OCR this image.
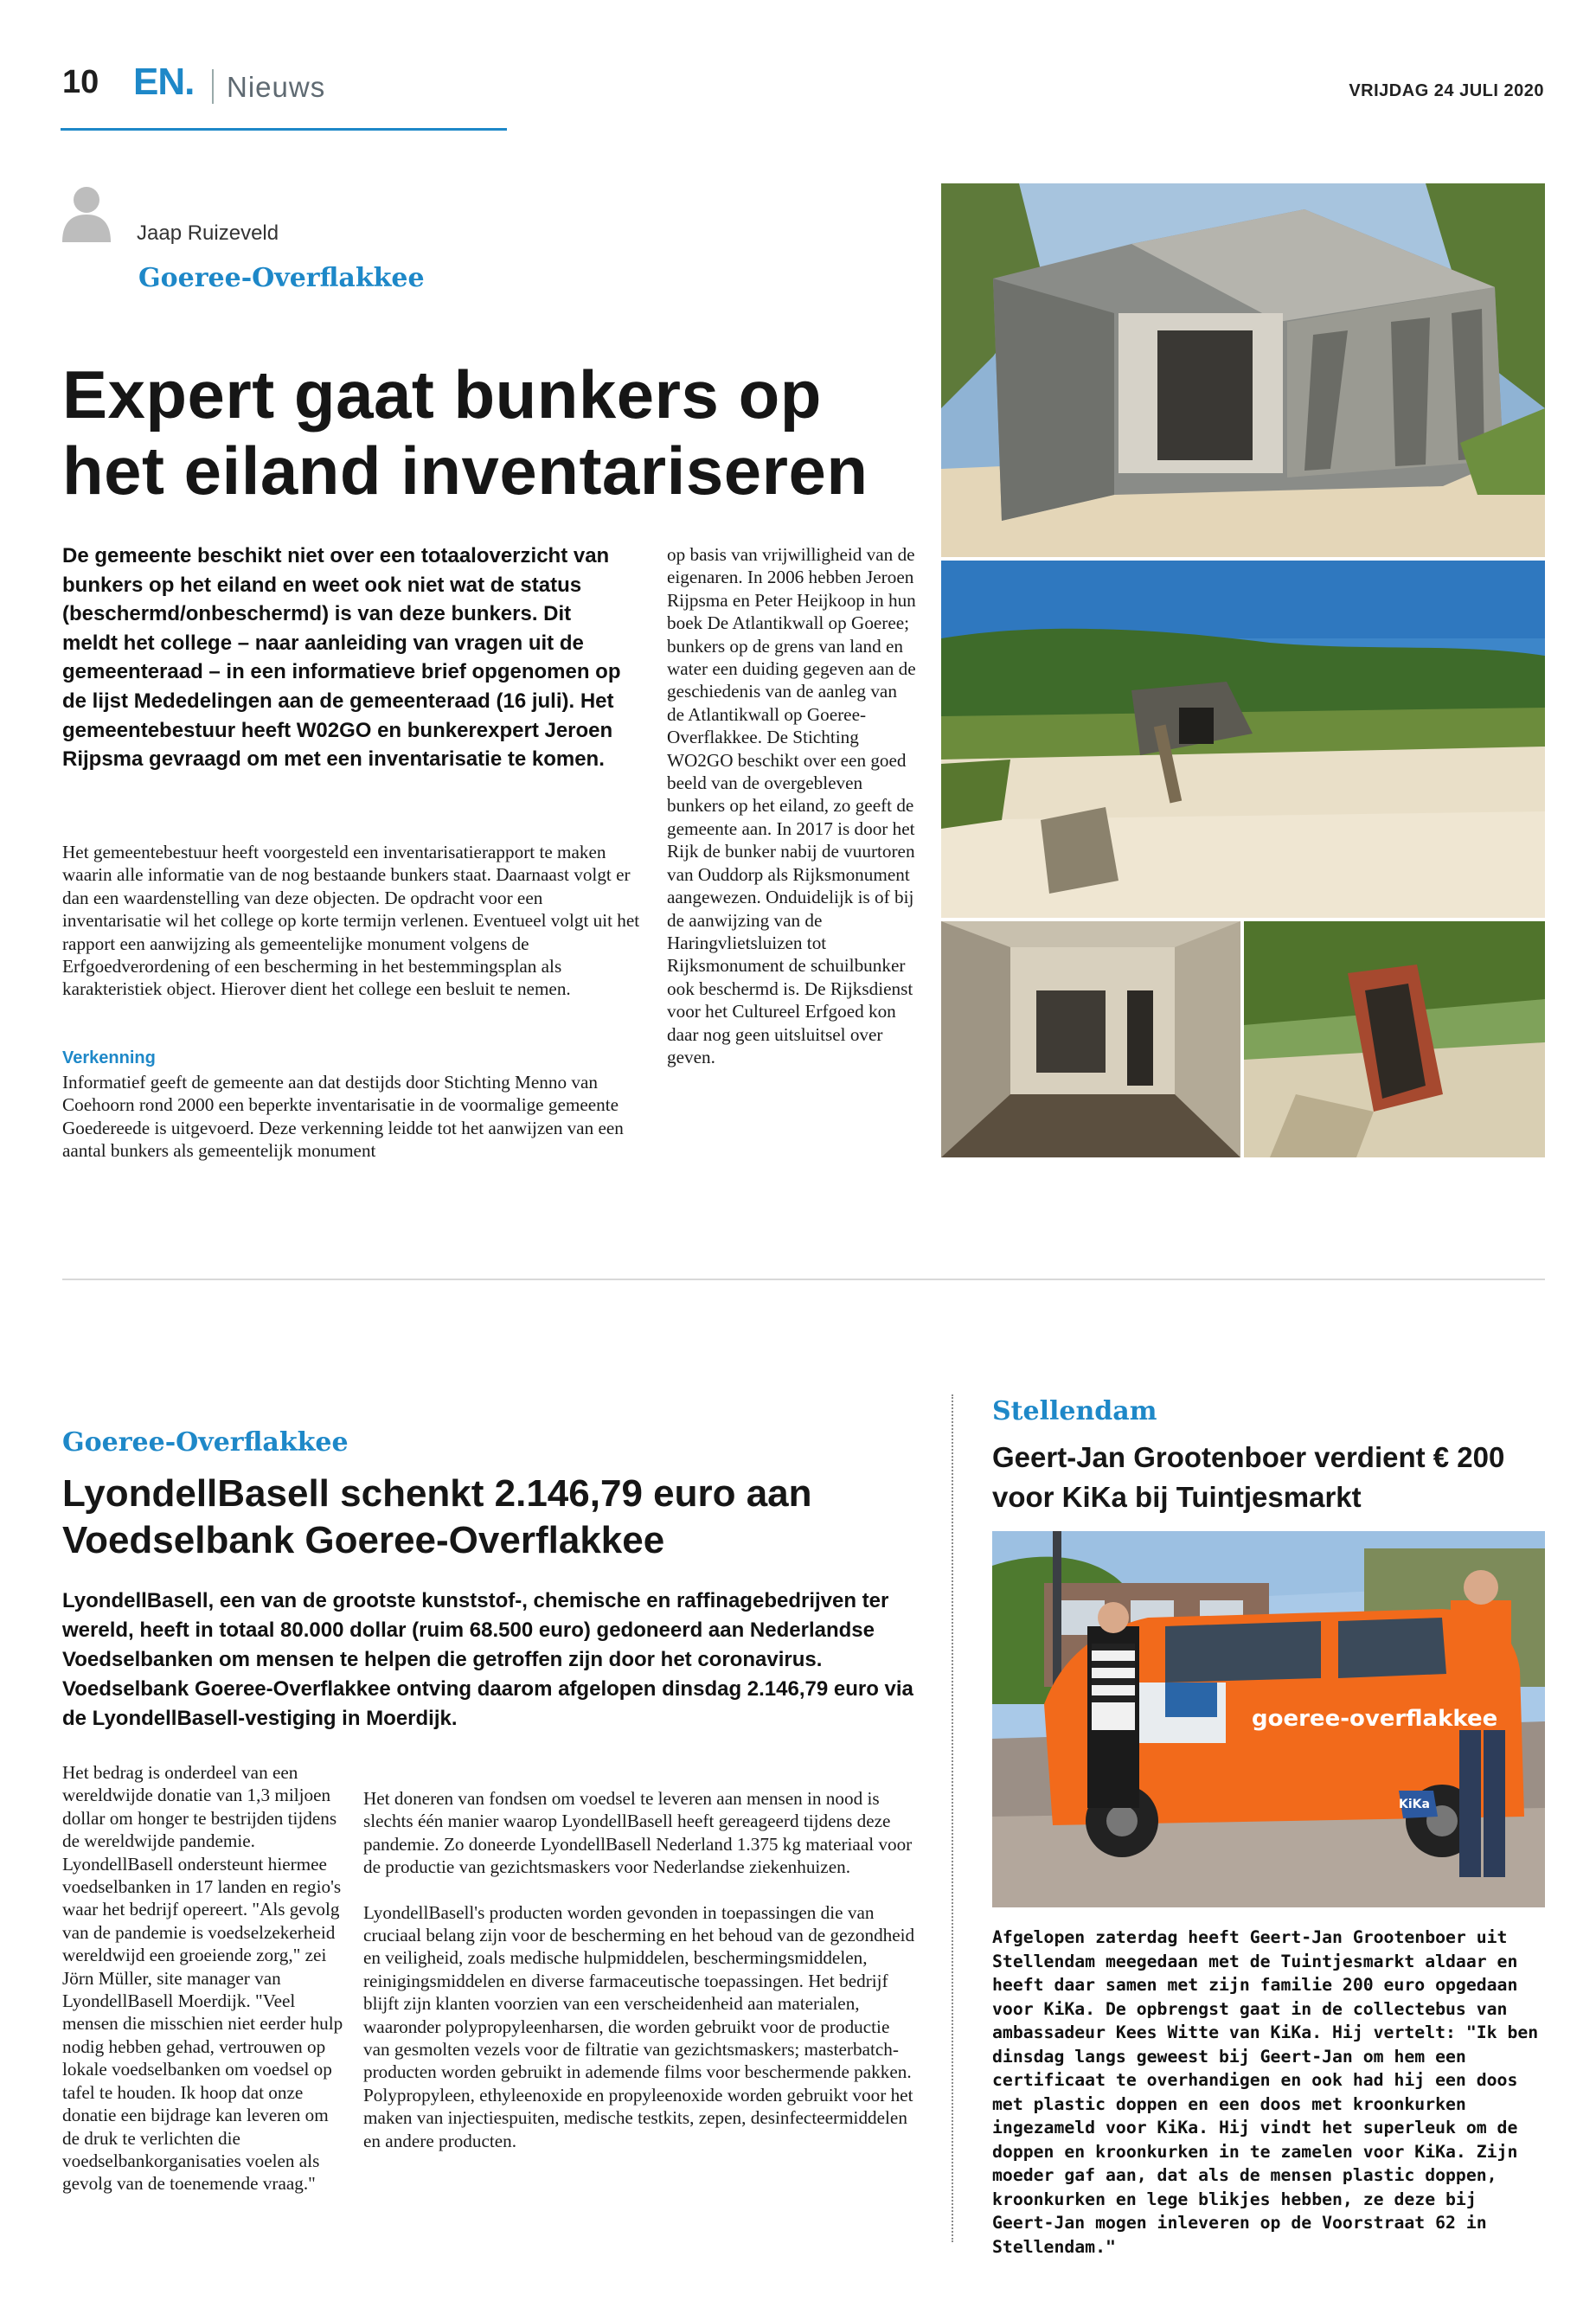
10 EN. Nieuws	VRIJDAG 24 JULI 2020
Jaap Ruizeveld
Goeree-Overflakkee
Expert gaat bunkers op het eiland inventariseren
De gemeente beschikt niet over een totaaloverzicht van bunkers op het eiland en weet ook niet wat de status (beschermd/onbeschermd) is van deze bunkers. Dit meldt het college – naar aanleiding van vragen uit de gemeenteraad – in een informatieve brief opgenomen op de lijst Mededelingen aan de gemeenteraad (16 juli). Het gemeentebestuur heeft W02GO en bunkerexpert Jeroen Rijpsma gevraagd om met een inventarisatie te komen.
Het gemeentebestuur heeft voorgesteld een inventarisatierapport te maken waarin alle informatie van de nog bestaande bunkers staat. Daarnaast volgt er dan een waardenstelling van deze objecten. De opdracht voor een inventarisatie wil het college op korte termijn verlenen. Eventueel volgt uit het rapport een aanwijzing als gemeentelijke monument volgens de Erfgoedverordening of een bescherming in het bestemmingsplan als karakteristiek object. Hierover dient het college een besluit te nemen.
Verkenning
Informatief geeft de gemeente aan dat destijds door Stichting Menno van Coehoorn rond 2000 een beperkte inventarisatie in de voormalige gemeente Goedereede is uitgevoerd. Deze verkenning leidde tot het aanwijzen van een aantal bunkers als gemeentelijk monument
op basis van vrijwilligheid van de eigenaren. In 2006 hebben Jeroen Rijpsma en Peter Heijkoop in hun boek De Atlantikwall op Goeree; bunkers op de grens van land en water een duiding gegeven aan de geschiedenis van de aanleg van de Atlantikwall op Goeree-Overflakkee. De Stichting WO2GO beschikt over een goed beeld van de overgebleven bunkers op het eiland, zo geeft de gemeente aan. In 2017 is door het Rijk de bunker nabij de vuurtoren van Ouddorp als Rijksmonument aangewezen. Onduidelijk is of bij de aanwijzing van de Haringvlietsluizen tot Rijksmonument de schuilbunker ook beschermd is. De Rijksdienst voor het Cultureel Erfgoed kon daar nog geen uitsluitsel over geven.
Goeree-Overflakkee
LyondellBasell schenkt 2.146,79 euro aan Voedselbank Goeree-Overflakkee
LyondellBasell, een van de grootste kunststof-, chemische en raffinagebedrijven ter wereld, heeft in totaal 80.000 dollar (ruim 68.500 euro) gedoneerd aan Nederlandse Voedselbanken om mensen te helpen die getroffen zijn door het coronavirus. Voedselbank Goeree-Overflakkee ontving daarom afgelopen dinsdag 2.146,79 euro via de LyondellBasell-vestiging in Moerdijk.
Het bedrag is onderdeel van een wereldwijde donatie van 1,3 miljoen dollar om honger te bestrijden tijdens de wereldwijde pandemie. LyondellBasell ondersteunt hiermee voedselbanken in 17 landen en regio's waar het bedrijf opereert. "Als gevolg van de pandemie is voedselzekerheid wereldwijd een groeiende zorg," zei Jörn Müller, site manager van LyondellBasell Moerdijk. "Veel mensen die misschien niet eerder hulp nodig hebben gehad, vertrouwen op lokale voedselbanken om voedsel op tafel te houden. Ik hoop dat onze donatie een bijdrage kan leveren om de druk te verlichten die voedselbankorganisaties voelen als gevolg van de toenemende vraag."

Het doneren van fondsen om voedsel te leveren aan mensen in nood is slechts één manier waarop LyondellBasell heeft gereageerd tijdens deze pandemie. Zo doneerde LyondellBasell Nederland 1.375 kg materiaal voor de productie van gezichtsmaskers voor Nederlandse ziekenhuizen.

LyondellBasell's producten worden gevonden in toepassingen die van cruciaal belang zijn voor de bescherming en het behoud van de gezondheid en veiligheid, zoals medische hulpmiddelen, beschermingsmiddelen, reinigingsmiddelen en diverse farmaceutische toepassingen. Het bedrijf blijft zijn klanten voorzien van een verscheidenheid aan materialen, waaronder polypropyleenharsen, die worden gebruikt voor de productie van gesmolten vezels voor de filtratie van gezichtsmaskers; masterbatch-producten worden gebruikt in ademende films voor beschermende pakken. Polypropyleen, ethyleenoxide en propyleenoxide worden gebruikt voor het maken van injectiespuiten, medische testkits, zepen, desinfecteermiddelen en andere producten.

Stellendam
Geert-Jan Grootenboer verdient € 200 voor KiKa bij Tuintjesmarkt
goeree-overflakkee
KiKa
Afgelopen zaterdag heeft Geert-Jan Grootenboer uit Stellendam meegedaan met de Tuintjesmarkt aldaar en heeft daar samen met zijn familie 200 euro opgedaan voor KiKa. De opbrengst gaat in de collectebus van ambassadeur Kees Witte van KiKa. Hij vertelt: "Ik ben dinsdag langs geweest bij Geert-Jan om hem een certificaat te overhandigen en ook had hij een doos met plastic doppen en een doos met kroonkurken ingezameld voor KiKa. Hij vindt het superleuk om de doppen en kroonkurken in te zamelen voor KiKa. Zijn moeder gaf aan, dat als de mensen plastic doppen, kroonkurken en lege blikjes hebben, ze deze bij Geert-Jan mogen inleveren op de Voorstraat 62 in Stellendam."
